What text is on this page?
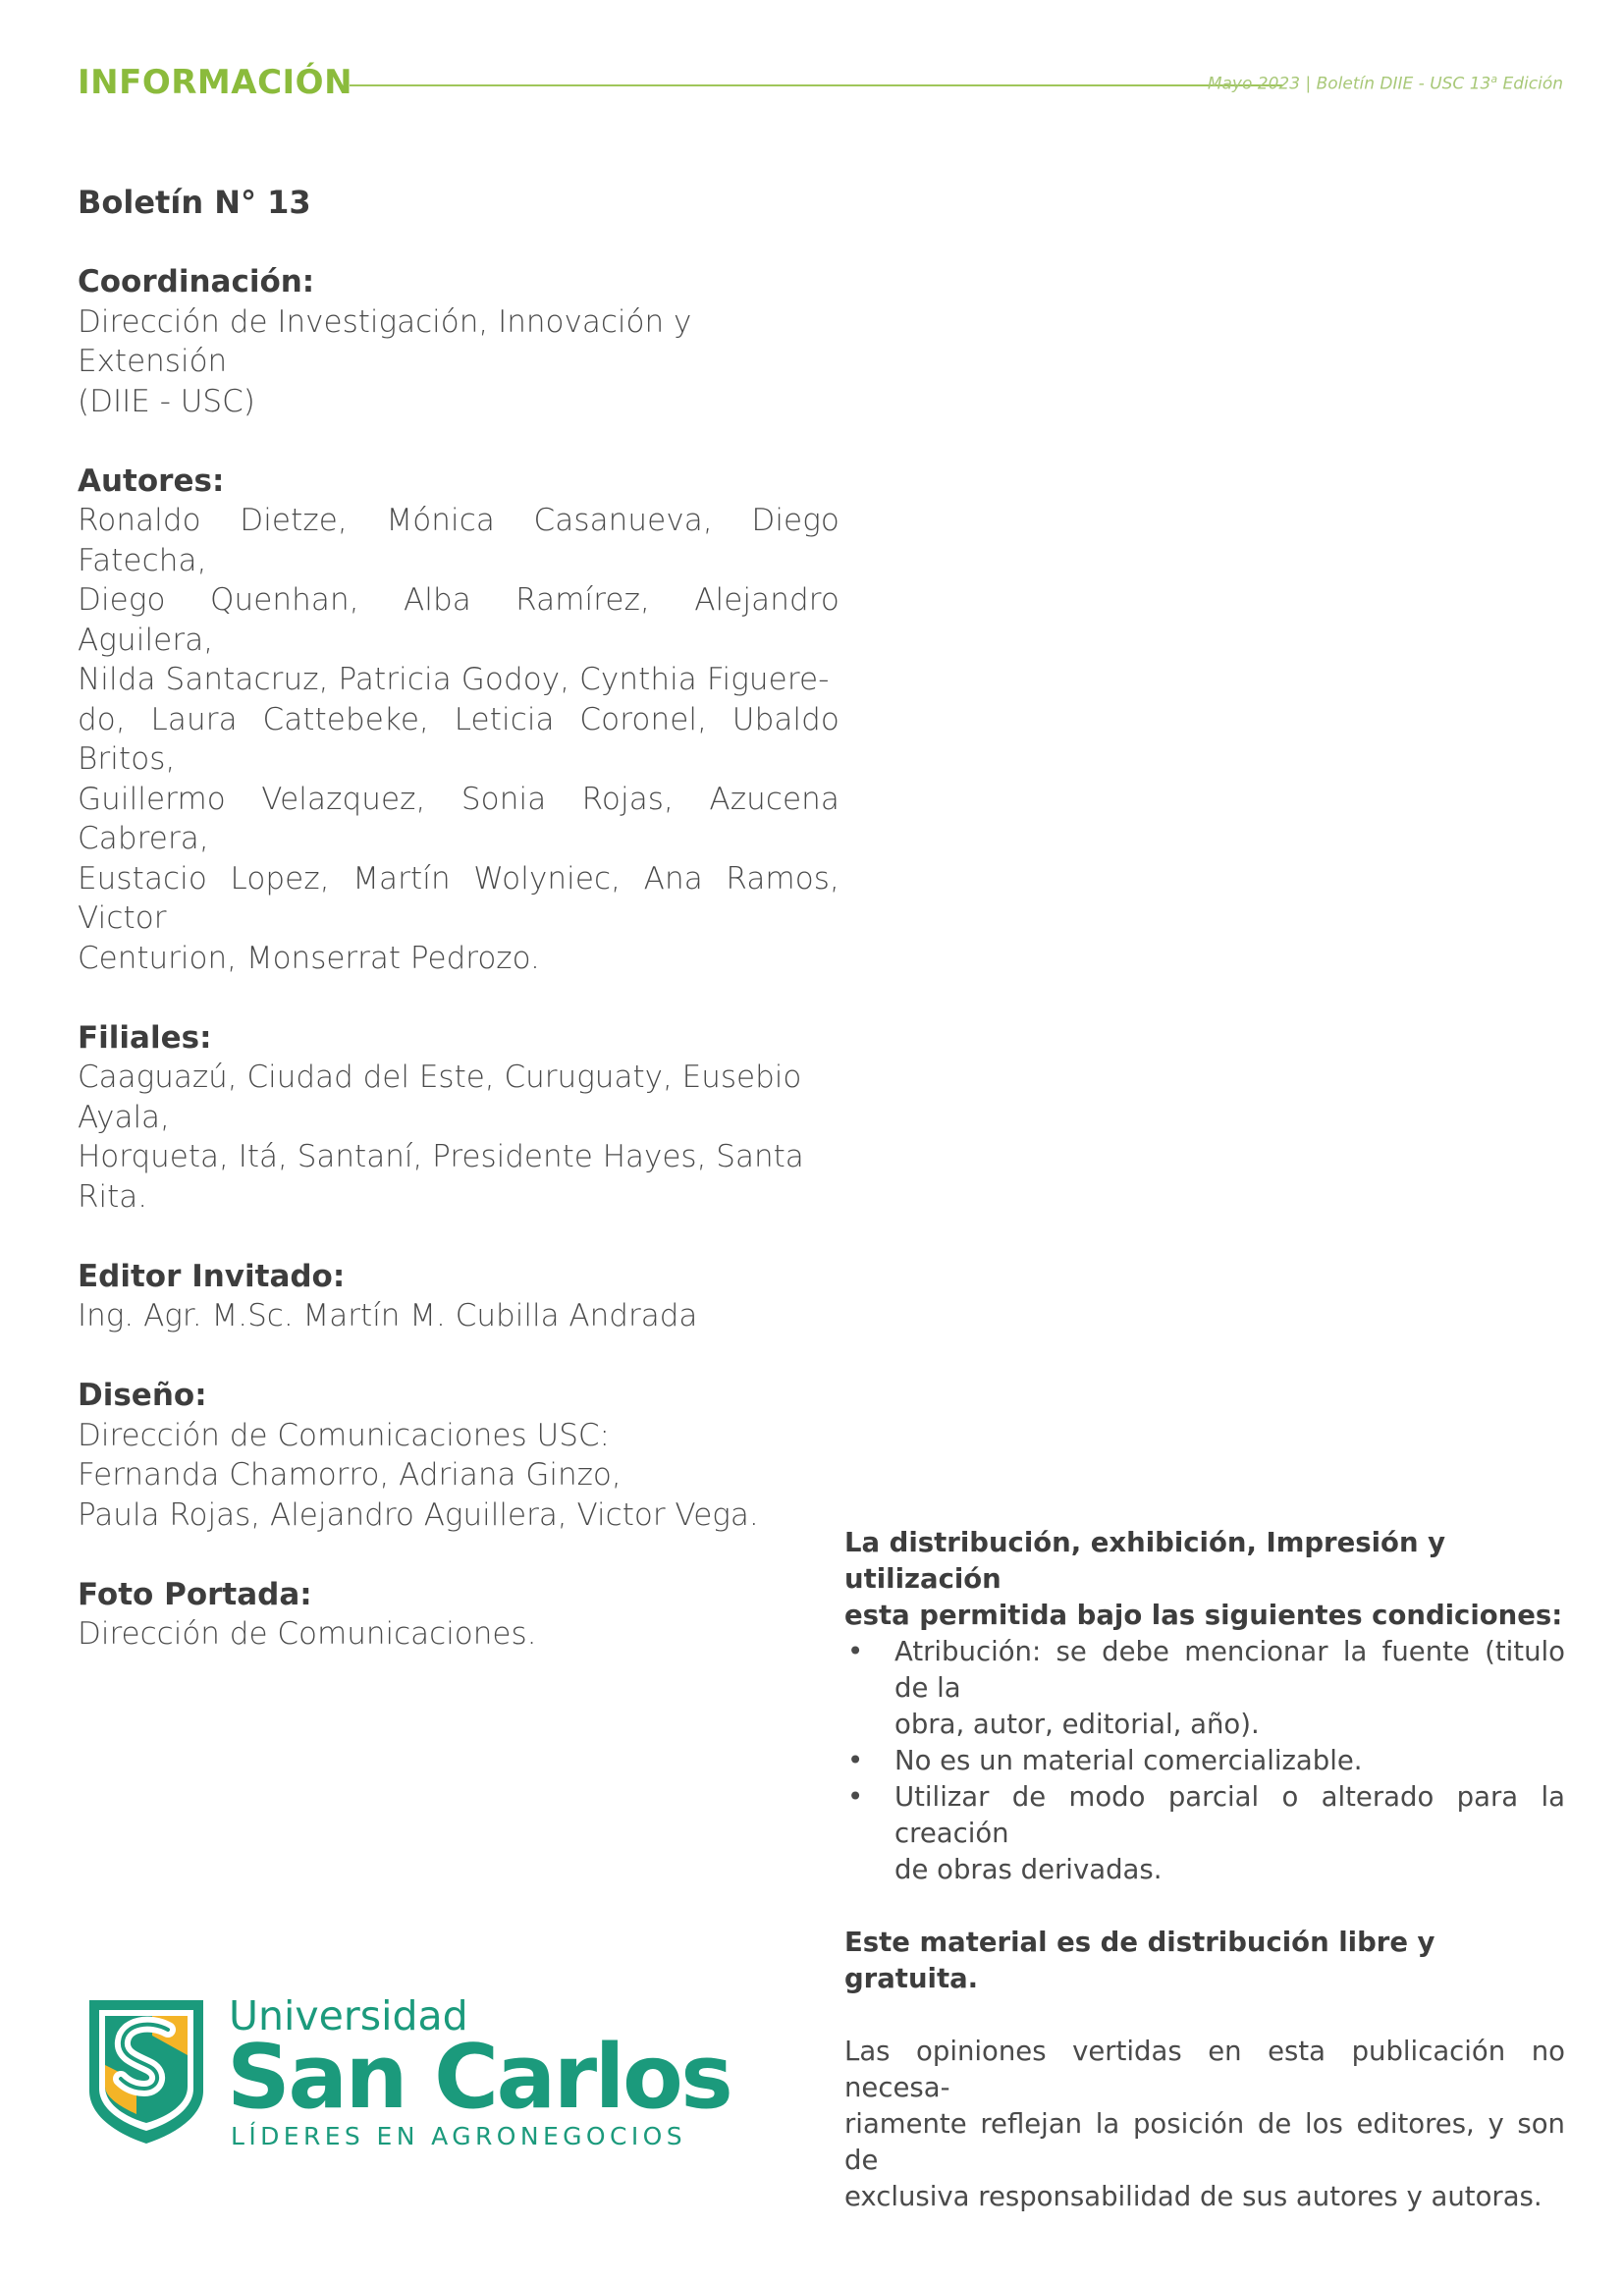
INFORMACIÓN	Mayo 2023 | Boletín DIIE - USC 13$^a$ Edición
Boletín N° 13
Coordinación:
Dirección de Investigación, Innovación y Extensión
(DIIE - USC)
Autores:
Ronaldo Dietze, Mónica Casanueva, Diego Fatecha,
Diego Quenhan, Alba Ramírez, Alejandro Aguilera,
Nilda Santacruz, Patricia Godoy, Cynthia Figuere-
do, Laura Cattebeke, Leticia Coronel, Ubaldo Britos,
Guillermo Velazquez, Sonia Rojas, Azucena Cabrera,
Eustacio Lopez, Martín Wolyniec, Ana Ramos, Victor
Centurion, Monserrat Pedrozo.
Filiales:
Caaguazú, Ciudad del Este, Curuguaty, Eusebio Ayala,
Horqueta, Itá, Santaní, Presidente Hayes, Santa Rita.
Editor Invitado:
Ing. Agr. M.Sc. Martín M. Cubilla Andrada
Diseño:
Dirección de Comunicaciones USC:
Fernanda Chamorro, Adriana Ginzo,
Paula Rojas, Alejandro Aguillera, Victor Vega.
Foto Portada:
Dirección de Comunicaciones.
La distribución, exhibición, Impresión y utilización
esta permitida bajo las siguientes condiciones:
• Atribución: se debe mencionar la fuente (titulo de la
obra, autor, editorial, año).
• No es un material comercializable.
• Utilizar de modo parcial o alterado para la creación
de obras derivadas.
Este material es de distribución libre y gratuita.
Las opiniones vertidas en esta publicación no necesa-
riamente reflejan la posición de los editores, y son de
exclusiva responsabilidad de sus autores y autoras.
Universidad
San Carlos
LÍDERES EN AGRONEGOCIOS
